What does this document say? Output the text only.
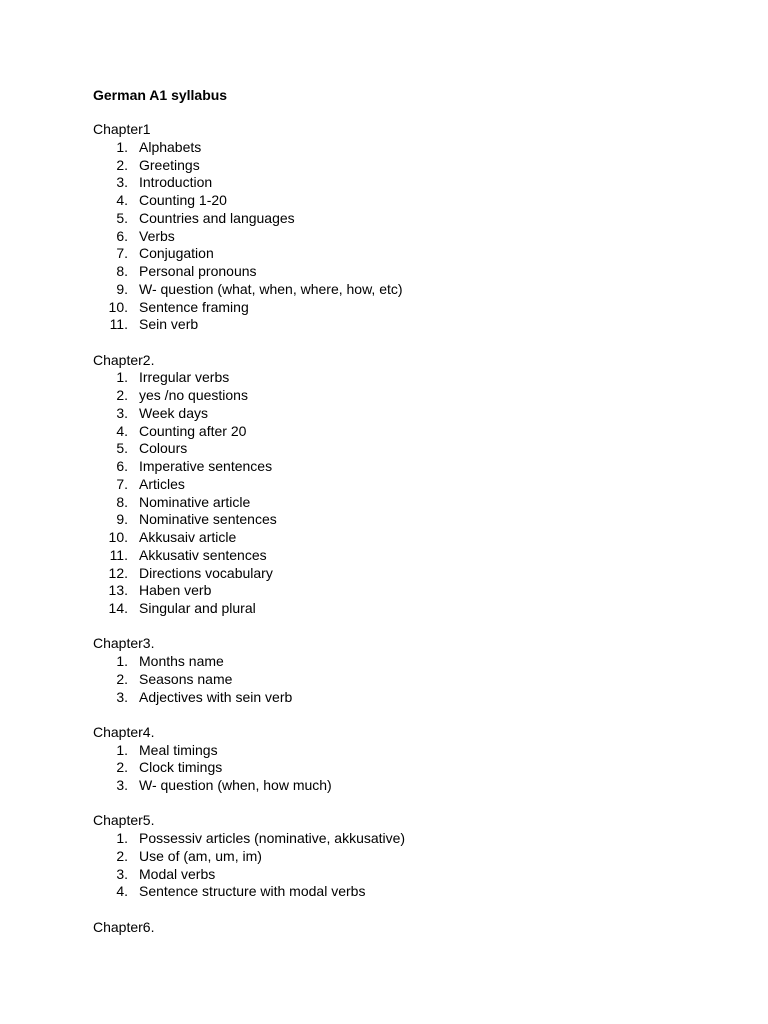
German A1 syllabus
Chapter1
1. Alphabets
2. Greetings
3. Introduction
4. Counting 1-20
5. Countries and languages
6. Verbs
7. Conjugation
8. Personal pronouns
9. W- question (what, when, where, how, etc)
10. Sentence framing
11. Sein verb
Chapter2.
1. Irregular verbs
2. yes /no questions
3. Week days
4. Counting after 20
5. Colours
6. Imperative sentences
7. Articles
8. Nominative article
9. Nominative sentences
10. Akkusaiv article
11. Akkusativ sentences
12. Directions vocabulary
13. Haben verb
14. Singular and plural
Chapter3.
1. Months name
2. Seasons name
3. Adjectives with sein verb
Chapter4.
1. Meal timings
2. Clock timings
3. W- question (when, how much)
Chapter5.
1. Possessiv articles (nominative, akkusative)
2. Use of (am, um, im)
3. Modal verbs
4. Sentence structure with modal verbs
Chapter6.
